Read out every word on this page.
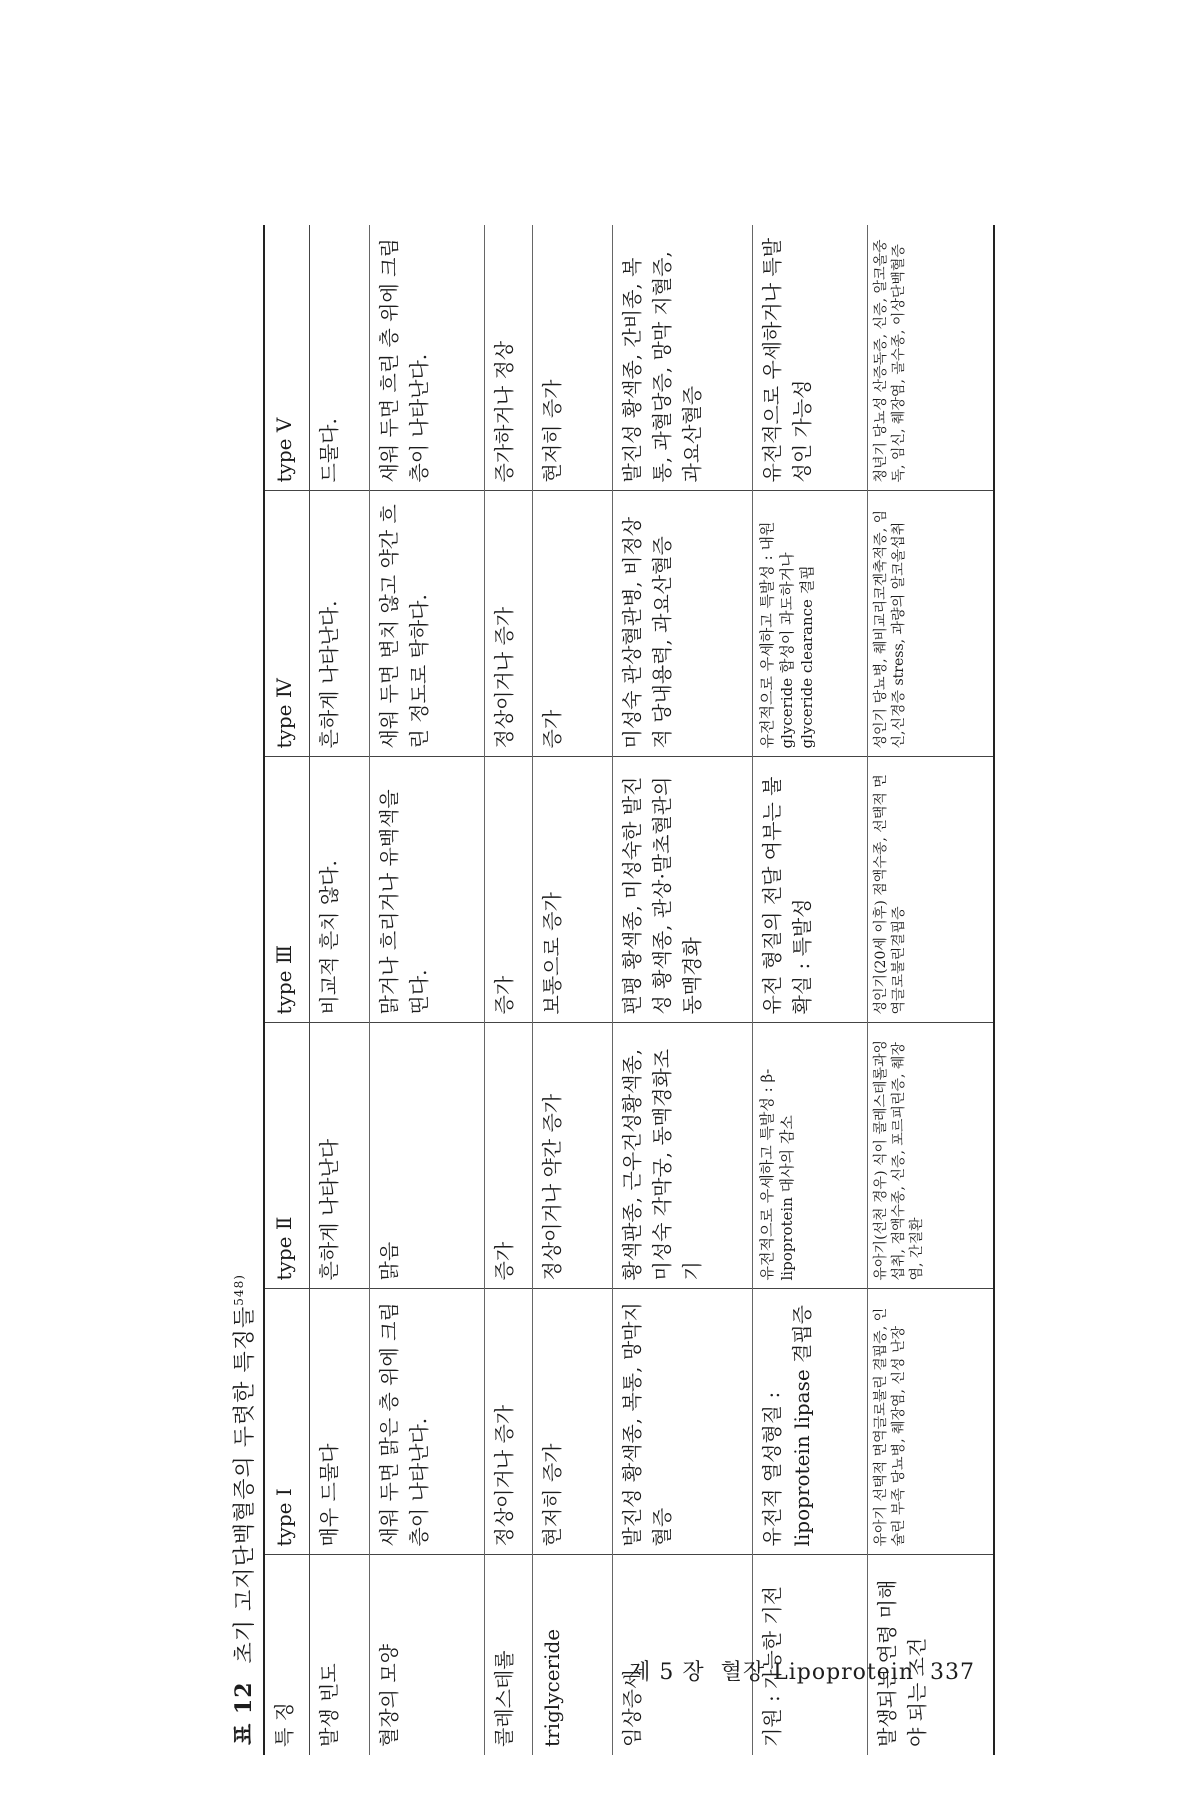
표 12초기 고지단백혈증의 두렷한 특징들$^{548)}$
특 징	type Ⅰ	type Ⅱ	type Ⅲ	type Ⅳ	type Ⅴ
발생 빈도	매우 드물다	흔하게 나타난다	비교적 흔치 않다.	흔하게 나타난다.	드물다.
혈장의 모양	새워 두면 맑은 층 위에 크림층이 나타난다.	맑음	맑거나 흐리거나 유백색을 띤다.	새워 두면 변치 않고 약간 흐린 정도로 탁하다.	새워 두면 흐린 층 위에 크림층이 나타난다.
콜레스테롤	정상이거나 증가	증가	증가	정상이거나 증가	증가하거나 정상
triglyceride	현저히 증가	정상이거나 약간 증가	보통으로 증가	증가	현저히 증가
임상증세	발진성 황색종, 복통, 망막지혈증	황색판종, 근우건성황색종, 미성숙 각막궁, 동맥경화조기	편평 황색종, 미성숙한 발진성 황색종, 관상·말초혈관의 동맥경화	미성숙 관상혈관병, 비정상적 당내용력, 과요산혈증	발진성 황색종, 간비종, 복통, 과혈당증, 망막 지혈증, 과요산혈증
기원 : 가능한 기전	유전적 열성형질 : lipoprotein lipase 결핍증	유전적으로 우세하고 특발성 : β-lipoprotein 대사의 감소	유전 형질의 전달 여부는 불확실 : 특발성	유전적으로 우세하고 특발성 : 내원 glyceride 합성이 과도하거나 glyceride clearance 결핍	유전적으로 우세하거나 특발성인 가능성
발생되는 연령 미해야 되는 조건	유아기 선택적 면역글로불린 결핍증, 인슐린 부족 당뇨병, 췌장염, 신성 난장	유아기(선천 경우) 식이 콜레스테롤과잉섭취, 점액수종, 신증, 포르피린증, 췌장염, 간질환	성인기(20세 이후) 점액수종, 선택적 면역글로불린결핍증	성인기 당뇨병, 췌비교리코겐축적증, 임신,신경증 stress, 과량의 알코올섭취	청년기 당뇨성 산증독증, 신증, 알코올중독, 임신, 췌장염, 골수종, 이상단백혈증
제 5 장 혈장 Lipoprotein 337
